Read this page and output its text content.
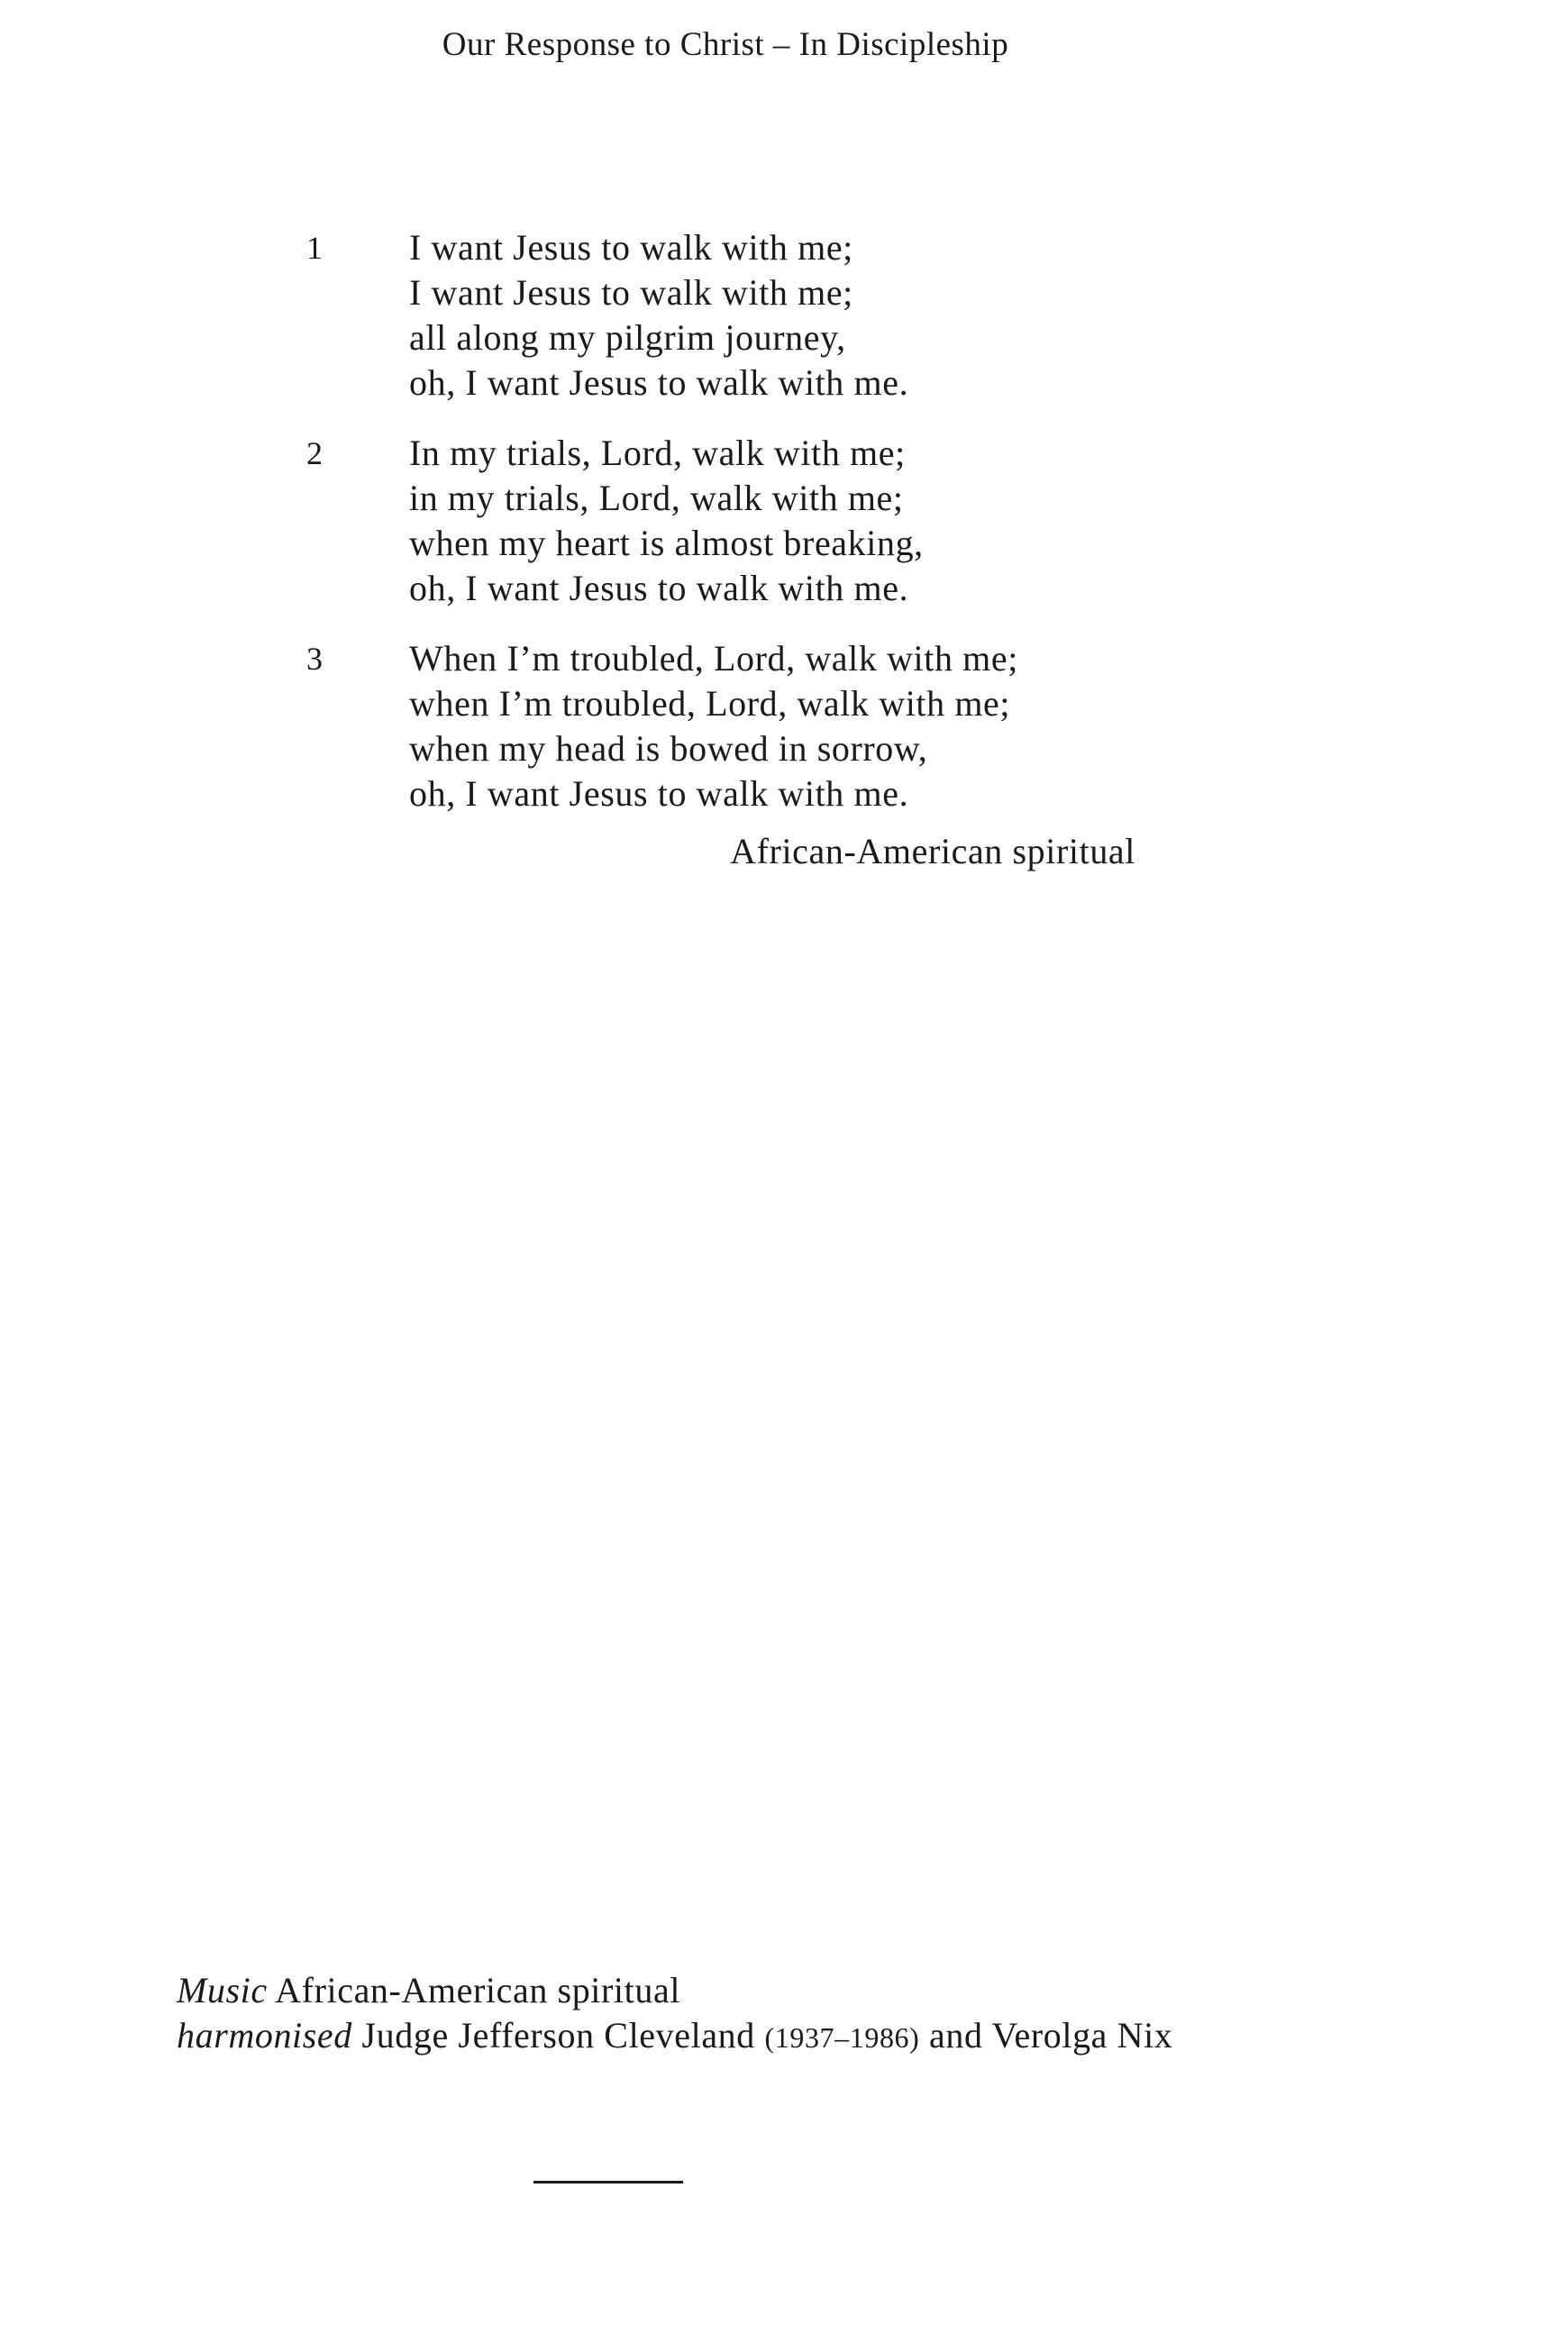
Our Response to Christ – In Discipleship
1 I want Jesus to walk with me;
I want Jesus to walk with me;
all along my pilgrim journey,
oh, I want Jesus to walk with me.
2 In my trials, Lord, walk with me;
in my trials, Lord, walk with me;
when my heart is almost breaking,
oh, I want Jesus to walk with me.
3 When I’m troubled, Lord, walk with me;
when I’m troubled, Lord, walk with me;
when my head is bowed in sorrow,
oh, I want Jesus to walk with me.
African-American spiritual
Music African-American spiritual
harmonised Judge Jefferson Cleveland (1937–1986) and Verolga Nix
